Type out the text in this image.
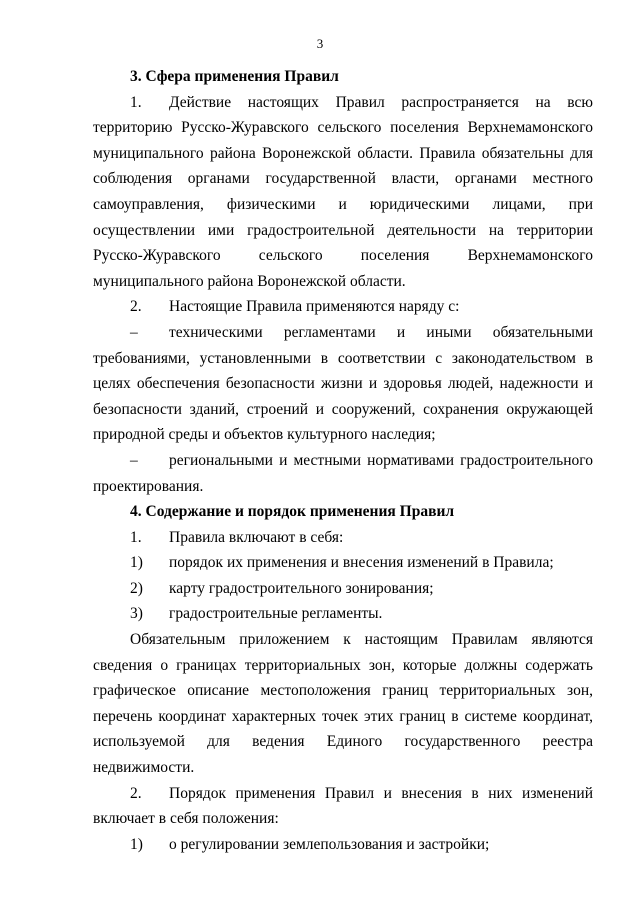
3
3. Сфера применения Правил

1. Действие настоящих Правил распространяется на всю территорию Русско-Журавского сельского поселения Верхнемамонского муниципального района Воронежской области. Правила обязательны для соблюдения органами государственной власти, органами местного самоуправления, физическими и юридическими лицами, при осуществлении ими градостроительной деятельности на территории Русско-Журавского сельского поселения Верхнемамонского муниципального района Воронежской области.

2. Настоящие Правила применяются наряду с:

– техническими регламентами и иными обязательными требованиями, установленными в соответствии с законодательством в целях обеспечения безопасности жизни и здоровья людей, надежности и безопасности зданий, строений и сооружений, сохранения окружающей природной среды и объектов культурного наследия;

– региональными и местными нормативами градостроительного проектирования.

4. Содержание и порядок применения Правил

1. Правила включают в себя:

1) порядок их применения и внесения изменений в Правила;

2) карту градостроительного зонирования;

3) градостроительные регламенты.

Обязательным приложением к настоящим Правилам являются сведения о границах территориальных зон, которые должны содержать графическое описание местоположения границ территориальных зон, перечень координат характерных точек этих границ в системе координат, используемой для ведения Единого государственного реестра недвижимости.

2. Порядок применения Правил и внесения в них изменений включает в себя положения:

1) о регулировании землепользования и застройки;
